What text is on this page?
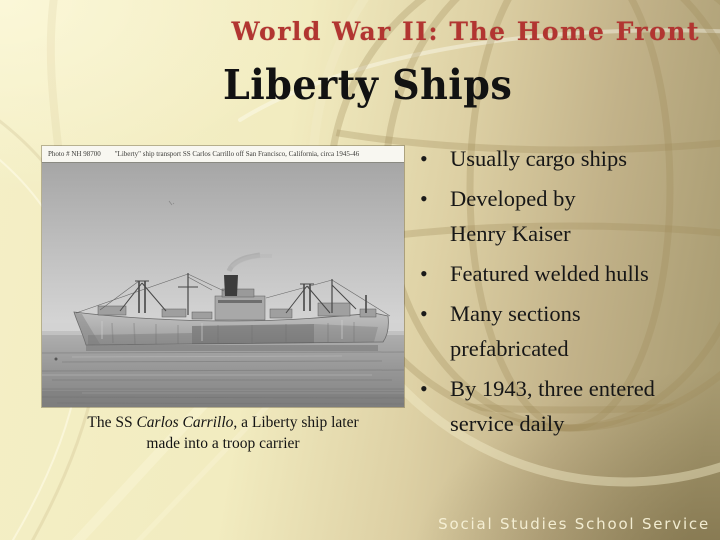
World War II: The Home Front
Liberty Ships
Photo # NH 98700 "Liberty" ship transport SS Carlos Carrillo off San Francisco, California, circa 1945-46
The SS Carlos Carrillo, a Liberty ship later
made into a troop carrier
• Usually cargo ships
• Developed by
Henry Kaiser
• Featured welded hulls
• Many sections
prefabricated
• By 1943, three entered
service daily
Social Studies School Service
